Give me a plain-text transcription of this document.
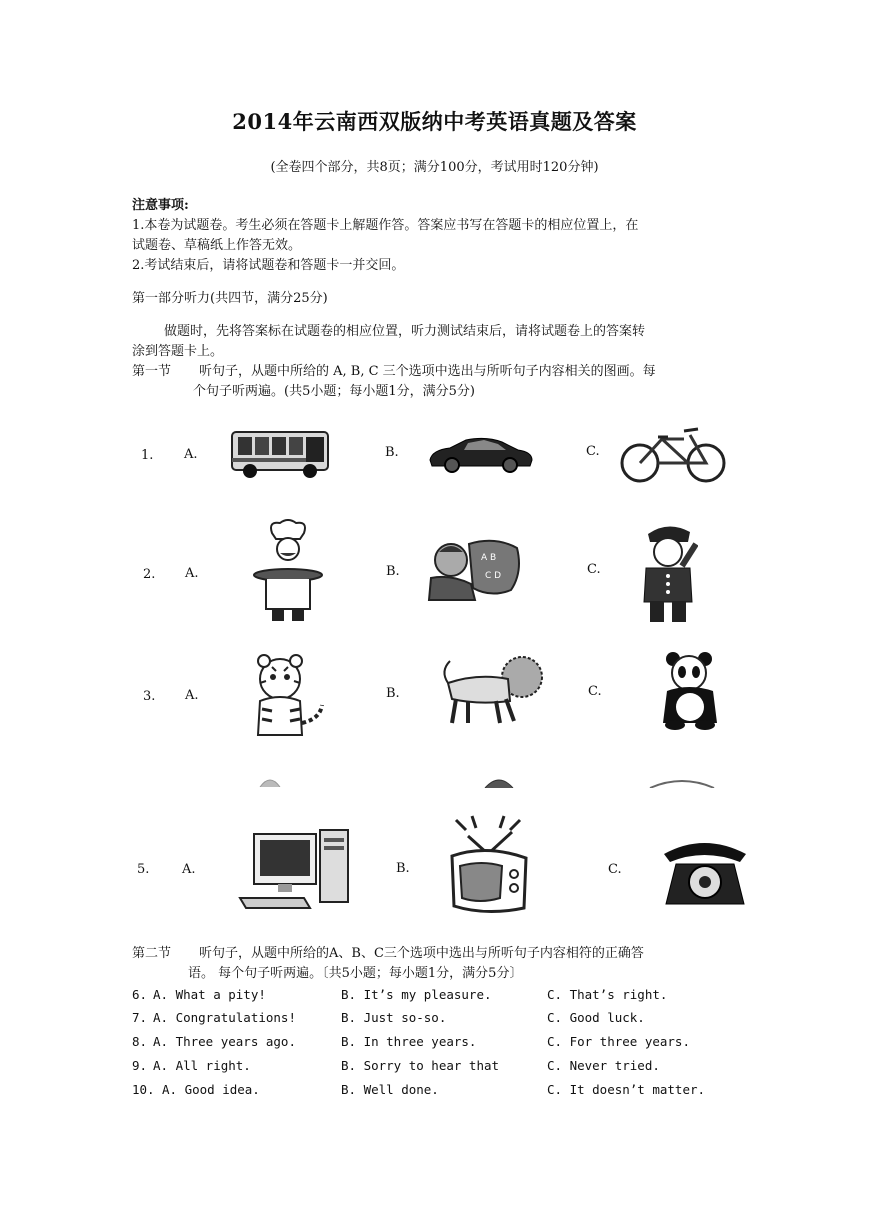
2014年云南西双版纳中考英语真题及答案
(全卷四个部分，共8页；满分100分，考试用时120分钟)
注意事项:
1.本卷为试题卷。考生必须在答题卡上解题作答。答案应书写在答题卡的相应位置上，在
试题卷、草稿纸上作答无效。
2.考试结束后，请将试题卷和答题卡一并交回。
第一部分听力(共四节，满分25分)
做题时，先将答案标在试题卷的相应位置，听力测试结束后，请将试题卷上的答案转
涂到答题卡上。
第一节 听句子，从题中所给的 A, B, C 三个选项中选出与所听句子内容相关的图画。每
个句子听两遍。(共5小题；每小题1分，满分5分)
1. A.	B.	C.
2. A.	B.	C.
A B
C D
3. A.	B.	C.
5.	A.	B.	C.
第二节 听句子，从题中所给的A、B、C三个选项中选出与所听句子内容相符的正确答
语。 每个句子听两遍。〔共5小题；每小题1分，满分5分〕
6. A. What a pity!	B. It’s my pleasure.	C. That’s right.
7. A. Congratulations!	B. Just so-so.	C. Good luck.
8. A. Three years ago.	B. In three years.	C. For three years.
9. A. All right.	B. Sorry to hear that	C. Never tried.
10. A. Good idea.	B. Well done.	C. It doesn’t matter.
